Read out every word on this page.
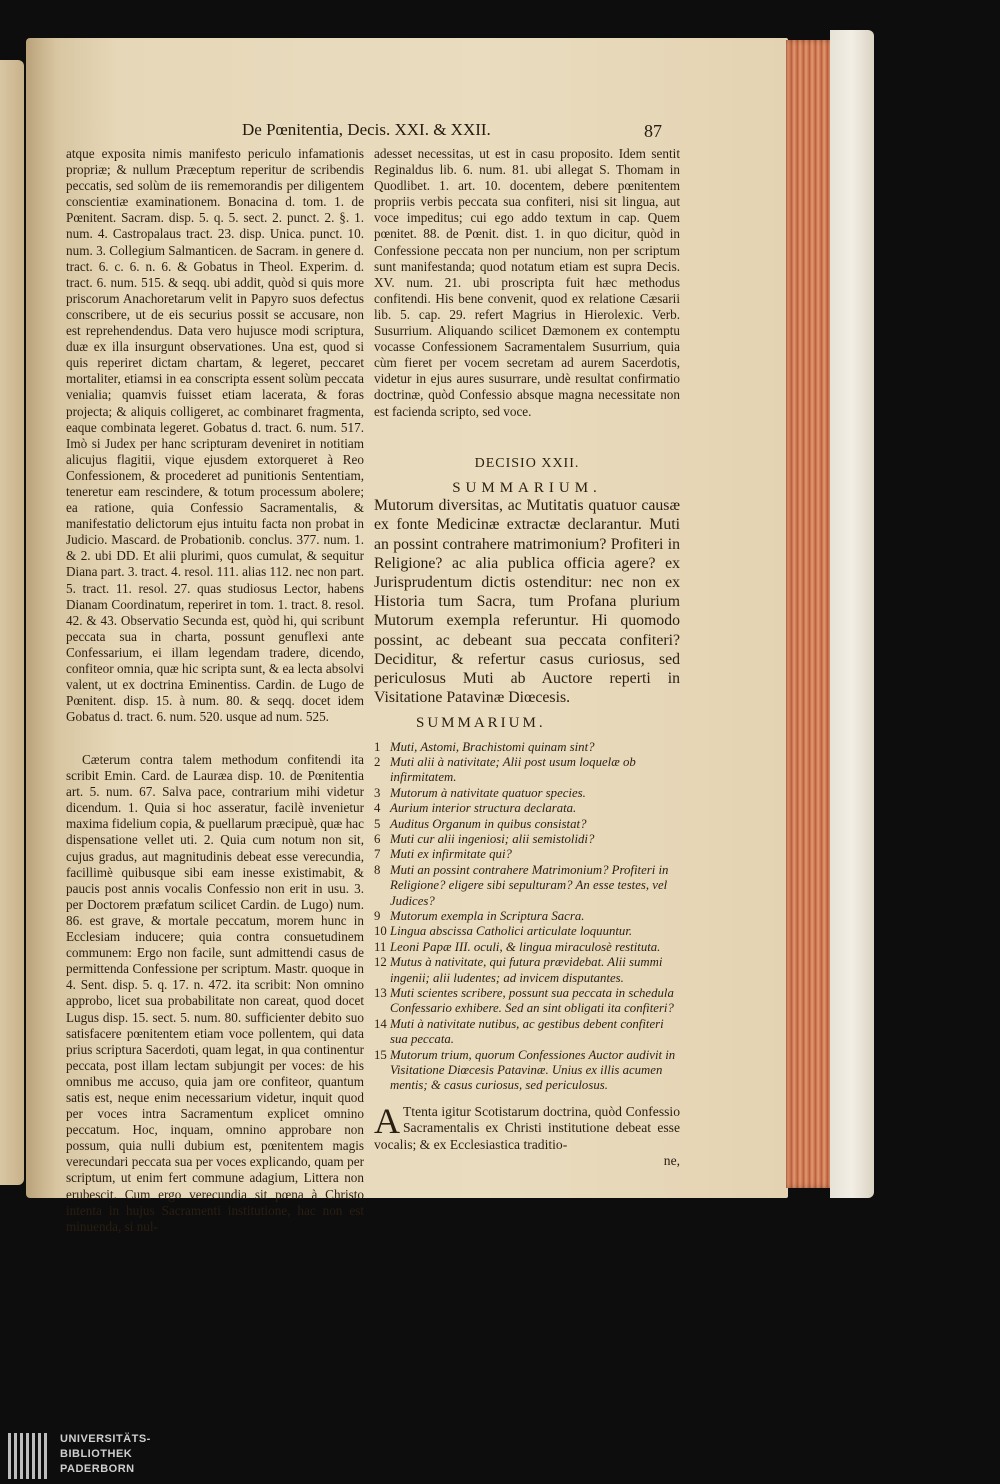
De Pœnitentia, Decis. XXI. & XXII.	87

atque exposita nimis manifesto periculo infamationis propriæ; & nullum Præceptum reperitur de scribendis peccatis, sed solùm de iis rememorandis per diligentem conscientiæ examinationem. Bonacina d. tom. 1. de Pœnitent. Sacram. disp. 5. q. 5. sect. 2. punct. 2. §. 1. num. 4. Castropalaus tract. 23. disp. Unica. punct. 10. num. 3. Collegium Salmanticen. de Sacram. in genere d. tract. 6. c. 6. n. 6. & Gobatus in Theol. Experim. d. tract. 6. num. 515. & seqq. ubi addit, quòd si quis more priscorum Anachoretarum velit in Papyro suos defectus conscribere, ut de eis securius possit se accusare, non est reprehendendus. Data vero hujusce modi scriptura, duæ ex illa insurgunt observationes. Una est, quod si quis reperiret dictam chartam, & legeret, peccaret mortaliter, etiamsi in ea conscripta essent solùm peccata venialia; quamvis fuisset etiam lacerata, & foras projecta; & aliquis colligeret, ac combinaret fragmenta, eaque combinata legeret. Gobatus d. tract. 6. num. 517. Imò si Judex per hanc scripturam deveniret in notitiam alicujus flagitii, vique ejusdem extorqueret à Reo Confessionem, & procederet ad punitionis Sententiam, teneretur eam rescindere, & totum processum abolere; ea ratione, quia Confessio Sacramentalis, & manifestatio delictorum ejus intuitu facta non probat in Judicio. Mascard. de Probationib. conclus. 377. num. 1. & 2. ubi DD. Et alii plurimi, quos cumulat, & sequitur Diana part. 3. tract. 4. resol. 111. alias 112. nec non part. 5. tract. 11. resol. 27. quas studiosus Lector, habens Dianam Coordinatum, reperiret in tom. 1. tract. 8. resol. 42. & 43. Observatio Secunda est, quòd hi, qui scribunt peccata sua in charta, possunt genuflexi ante Confessarium, ei illam legendam tradere, dicendo, confiteor omnia, quæ hic scripta sunt, & ea lecta absolvi valent, ut ex doctrina Eminentiss. Cardin. de Lugo de Pœnitent. disp. 15. à num. 80. & seqq. docet idem Gobatus d. tract. 6. num. 520. usque ad num. 525.

Cæterum contra talem methodum confitendi ita scribit Emin. Card. de Lauræa disp. 10. de Pœnitentia art. 5. num. 67. Salva pace, contrarium mihi videtur dicendum. 1. Quia si hoc asseratur, facilè invenietur maxima fidelium copia, & puellarum præcipuè, quæ hac dispensatione vellet uti. 2. Quia cum notum non sit, cujus gradus, aut magnitudinis debeat esse verecundia, facillimè quibusque sibi eam inesse existimabit, & paucis post annis vocalis Confessio non erit in usu. 3. per Doctorem præfatum scilicet Cardin. de Lugo) num. 86. est grave, & mortale peccatum, morem hunc in Ecclesiam inducere; quia contra consuetudinem communem: Ergo non facile, sunt admittendi casus de permittenda Confessione per scriptum. Mastr. quoque in 4. Sent. disp. 5. q. 17. n. 472. ita scribit: Non omnino approbo, licet sua probabilitate non careat, quod docet Lugus disp. 15. sect. 5. num. 80. sufficienter debito suo satisfacere pœnitentem etiam voce pollentem, qui data prius scriptura Sacerdoti, quam legat, in qua continentur peccata, post illam lectam subjungit per voces: de his omnibus me accuso, quia jam ore confiteor, quantum satis est, neque enim necessarium videtur, inquit quod per voces intra Sacramentum explicet omnino peccatum. Hoc, inquam, omnino approbare non possum, quia nulli dubium est, pœnitentem magis verecundari peccata sua per voces explicando, quam per scriptum, ut enim fert commune adagium, Littera non erubescit. Cum ergo verecundia sit pœna à Christo intenta in hujus Sacramenti institutione, hac non est minuenda, si nul-

adesset necessitas, ut est in casu proposito. Idem sentit Reginaldus lib. 6. num. 81. ubi allegat S. Thomam in Quodlibet. 1. art. 10. docentem, debere pœnitentem propriis verbis peccata sua confiteri, nisi sit lingua, aut voce impeditus; cui ego addo textum in cap. Quem pœnitet. 88. de Pœnit. dist. 1. in quo dicitur, quòd in Confessione peccata non per nuncium, non per scriptum sunt manifestanda; quod notatum etiam est supra Decis. XV. num. 21. ubi proscripta fuit hæc methodus confitendi. His bene convenit, quod ex relatione Cæsarii lib. 5. cap. 29. refert Magrius in Hierolexic. Verb. Susurrium. Aliquando scilicet Dæmonem ex contemptu vocasse Confessionem Sacramentalem Susurrium, quia cùm fieret per vocem secretam ad aurem Sacerdotis, videtur in ejus aures susurrare, undè resultat confirmatio doctrinæ, quòd Confessio absque magna necessitate non est facienda scripto, sed voce.

DECISIO XXII.
SUMMARIUM.

Mutorum diversitas, ac Mutitatis quatuor causæ ex fonte Medicinæ extractæ declarantur. Muti an possint contrahere matrimonium? Profiteri in Religione? ac alia publica officia agere? ex Jurisprudentum dictis ostenditur: nec non ex Historia tum Sacra, tum Profana plurium Mutorum exempla referuntur. Hi quomodo possint, ac debeant sua peccata confiteri? Deciditur, & refertur casus curiosus, sed periculosus Muti ab Auctore reperti in Visitatione Patavinæ Diœcesis.

SUMMARIUM.
1 Muti, Astomi, Brachistomi quinam sint?
2 Muti alii à nativitate; Alii post usum loquelæ ob infirmitatem.
3 Mutorum à nativitate quatuor species.
4 Aurium interior structura declarata.
5 Auditus Organum in quibus consistat?
6 Muti cur alii ingeniosi; alii semistolidi?
7 Muti ex infirmitate qui?
8 Muti an possint contrahere Matrimonium? Profiteri in Religione? eligere sibi sepulturam? An esse testes, vel Judices?
9 Mutorum exempla in Scriptura Sacra.
10 Lingua abscissa Catholici articulate loquuntur.
11 Leoni Papæ III. oculi, & lingua miraculosè restituta.
12 Mutus à nativitate, qui futura prævidebat. Alii summi ingenii; alii ludentes; ad invicem disputantes.
13 Muti scientes scribere, possunt sua peccata in schedula Confessario exhibere. Sed an sint obligati ita confiteri?
14 Muti à nativitate nutibus, ac gestibus debent confiteri sua peccata.
15 Mutorum trium, quorum Confessiones Auctor audivit in Visitatione Diœcesis Patavinæ. Unius ex illis acumen mentis; & casus curiosus, sed periculosus.
A Ttenta igitur Scotistarum doctrina, quòd Confessio Sacramentalis ex Christi institutione debeat esse vocalis; & ex Ecclesiastica traditio-
ne,
UNIVERSITÄTS-
BIBLIOTHEK
PADERBORN
